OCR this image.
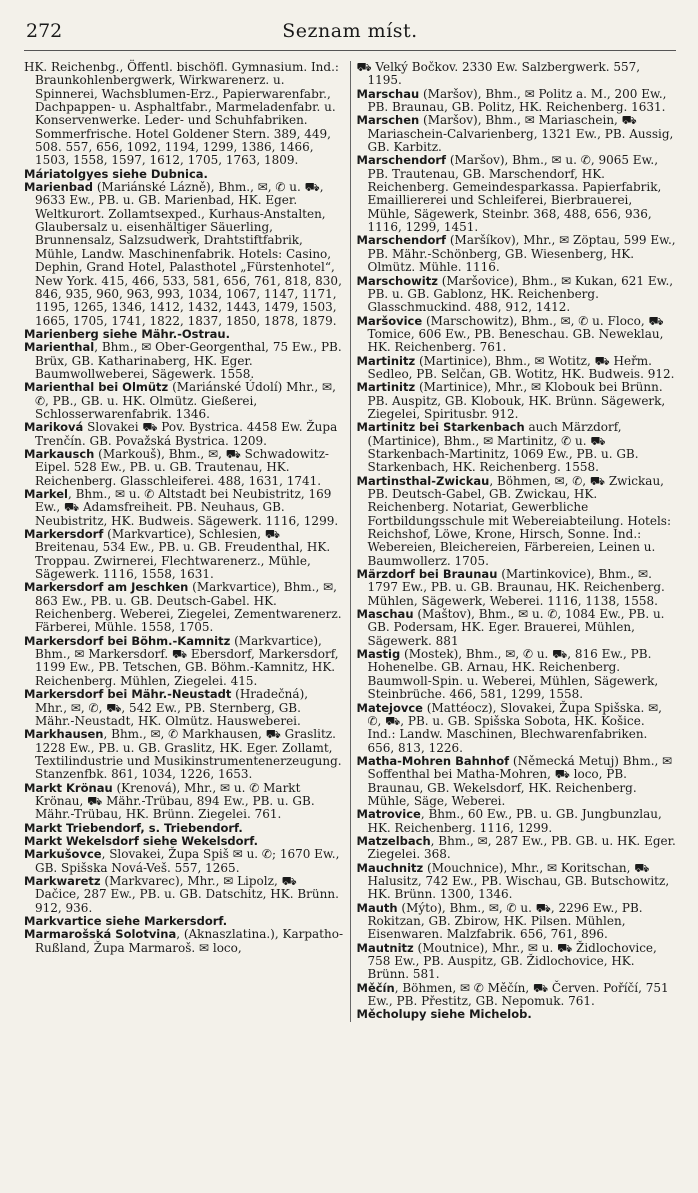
272	Seznam míst.
HK. Reichenbg., Öffentl. bischöfl. Gymnasium. Ind.: Braunkohlenbergwerk, Wirkwarenerz. u. Spinnerei, Wachsblumen-Erz., Papierwarenfabr., Dachpappen- u. Asphaltfabr., Marmeladenfabr. u. Konservenwerke. Leder- und Schuhfabriken. Sommerfrische. Hotel Goldener Stern. 389, 449, 508. 557, 656, 1092, 1194, 1299, 1386, 1466, 1503, 1558, 1597, 1612, 1705, 1763, 1809.
Máriatolgyes siehe Dubnica.
Marienbad (Mariánské Lázně), Bhm., ✉, ✆ u. ⛟, 9633 Ew., PB. u. GB. Marienbad, HK. Eger. Weltkurort. Zollamtsexped., Kurhaus-Anstalten, Glaubersalz u. eisenhältiger Säuerling, Brunnensalz, Salzsudwerk, Drahtstiftfabrik, Mühle, Landw. Maschinenfabrik. Hotels: Casino, Dephin, Grand Hotel, Palasthotel „Fürstenhotel“, New York. 415, 466, 533, 581, 656, 761, 818, 830, 846, 935, 960, 963, 993, 1034, 1067, 1147, 1171, 1195, 1265, 1346, 1412, 1432, 1443, 1479, 1503, 1665, 1705, 1741, 1822, 1837, 1850, 1878, 1879.
Marienberg siehe Mähr.-Ostrau.
Marienthal, Bhm., ✉ Ober-Georgenthal, 75 Ew., PB. Brüx, GB. Katharinaberg, HK. Eger. Baumwollweberei, Sägewerk. 1558.
Marienthal bei Olmütz (Mariánské Údolí) Mhr., ✉, ✆, PB., GB. u. HK. Olmütz. Gießerei, Schlosserwarenfabrik. 1346.
Mariková Slovakei ⛟ Pov. Bystrica. 4458 Ew. Župa Trenčín. GB. Považská Bystrica. 1209.
Markausch (Markouš), Bhm., ✉, ⛟ Schwadowitz-Eipel. 528 Ew., PB. u. GB. Trautenau, HK. Reichenberg. Glasschleiferei. 488, 1631, 1741.
Markel, Bhm., ✉ u. ✆ Altstadt bei Neubistritz, 169 Ew., ⛟ Adamsfreiheit. PB. Neuhaus, GB. Neubistritz, HK. Budweis. Sägewerk. 1116, 1299.
Markersdorf (Markvartice), Schlesien, ⛟ Breitenau, 534 Ew., PB. u. GB. Freudenthal, HK. Troppau. Zwirnerei, Flechtwarenerz., Mühle, Sägewerk. 1116, 1558, 1631.
Markersdorf am Jeschken (Markvartice), Bhm., ✉, 863 Ew., PB. u. GB. Deutsch-Gabel. HK. Reichenberg. Weberei, Ziegelei, Zementwarenerz. Färberei, Mühle. 1558, 1705.
Markersdorf bei Böhm.-Kamnitz (Markvartice), Bhm., ✉ Markersdorf. ⛟ Ebersdorf, Markersdorf, 1199 Ew., PB. Tetschen, GB. Böhm.-Kamnitz, HK. Reichenberg. Mühlen, Ziegelei. 415.
Markersdorf bei Mähr.-Neustadt (Hradečná), Mhr., ✉, ✆, ⛟, 542 Ew., PB. Sternberg, GB. Mähr.-Neustadt, HK. Olmütz. Hausweberei.
Markhausen, Bhm., ✉, ✆ Markhausen, ⛟ Graslitz. 1228 Ew., PB. u. GB. Graslitz, HK. Eger. Zollamt, Textilindustrie und Musikinstrumentenerzeugung. Stanzenfbk. 861, 1034, 1226, 1653.
Markt Krönau (Krenová), Mhr., ✉ u. ✆ Markt Krönau, ⛟ Mähr.-Trübau, 894 Ew., PB. u. GB. Mähr.-Trübau, HK. Brünn. Ziegelei. 761.
Markt Triebendorf, s. Triebendorf.
Markt Wekelsdorf siehe Wekelsdorf.
Markušovce, Slovakei, Župa Spiš ✉ u. ✆; 1670 Ew., GB. Spišska Nová-Veš. 557, 1265.
Markwaretz (Markvarec), Mhr., ✉ Lipolz, ⛟ Dačice, 287 Ew., PB. u. GB. Datschitz, HK. Brünn. 912, 936.
Markvartice siehe Markersdorf.
Marmarošská Solotvina, (Aknaszlatina.), Karpatho-Rußland, Župa Marmaroš. ✉ loco,
⛟ Velký Bočkov. 2330 Ew. Salzbergwerk. 557, 1195.
Marschau (Maršov), Bhm., ✉ Politz a. M., 200 Ew., PB. Braunau, GB. Politz, HK. Reichenberg. 1631.
Marschen (Maršov), Bhm., ✉ Mariaschein, ⛟ Mariaschein-Calvarienberg, 1321 Ew., PB. Aussig, GB. Karbitz.
Marschendorf (Maršov), Bhm., ✉ u. ✆, 9065 Ew., PB. Trautenau, GB. Marschendorf, HK. Reichenberg. Gemeindesparkassa. Papierfabrik, Emailliererei und Schleiferei, Bierbrauerei, Mühle, Sägewerk, Steinbr. 368, 488, 656, 936, 1116, 1299, 1451.
Marschendorf (Maršíkov), Mhr., ✉ Zöptau, 599 Ew., PB. Mähr.-Schönberg, GB. Wiesenberg, HK. Olmütz. Mühle. 1116.
Marschowitz (Maršovice), Bhm., ✉ Kukan, 621 Ew., PB. u. GB. Gablonz, HK. Reichenberg. Glasschmuckind. 488, 912, 1412.
Maršovice (Marschowitz), Bhm., ✉, ✆ u. Floco, ⛟ Tomice, 606 Ew., PB. Beneschau. GB. Neweklau, HK. Reichenberg. 761.
Martinitz (Martinice), Bhm., ✉ Wotitz, ⛟ Heřm. Sedleo, PB. Selčan, GB. Wotitz, HK. Budweis. 912.
Martinitz (Martinice), Mhr., ✉ Klobouk bei Brünn. PB. Auspitz, GB. Klobouk, HK. Brünn. Sägewerk, Ziegelei, Spiritusbr. 912.
Martinitz bei Starkenbach auch Märzdorf, (Martinice), Bhm., ✉ Martinitz, ✆ u. ⛟ Starkenbach-Martinitz, 1069 Ew., PB. u. GB. Starkenbach, HK. Reichenberg. 1558.
Martinsthal-Zwickau, Böhmen, ✉, ✆, ⛟ Zwickau, PB. Deutsch-Gabel, GB. Zwickau, HK. Reichenberg. Notariat, Gewerbliche Fortbildungsschule mit Webereiabteilung. Hotels: Reichshof, Löwe, Krone, Hirsch, Sonne. Ind.: Webereien, Bleichereien, Färbereien, Leinen u. Baumwollerz. 1705.
Märzdorf bei Braunau (Martinkovice), Bhm., ✉. 1797 Ew., PB. u. GB. Braunau, HK. Reichenberg. Mühlen, Sägewerk, Weberei. 1116, 1138, 1558.
Maschau (Maštov), Bhm., ✉ u. ✆, 1084 Ew., PB. u. GB. Podersam, HK. Eger. Brauerei, Mühlen, Sägewerk. 881
Mastig (Mostek), Bhm., ✉, ✆ u. ⛟, 816 Ew., PB. Hohenelbe. GB. Arnau, HK. Reichenberg. Baumwoll-Spin. u. Weberei, Mühlen, Sägewerk, Steinbrüche. 466, 581, 1299, 1558.
Matejovce (Mattéocz), Slovakei, Župa Spišska. ✉, ✆, ⛟, PB. u. GB. Spišska Sobota, HK. Košice. Ind.: Landw. Maschinen, Blechwarenfabriken. 656, 813, 1226.
Matha-Mohren Bahnhof (Německá Metuj) Bhm., ✉ Soffenthal bei Matha-Mohren, ⛟ loco, PB. Braunau, GB. Wekelsdorf, HK. Reichenberg. Mühle, Säge, Weberei.
Matrovice, Bhm., 60 Ew., PB. u. GB. Jungbunzlau, HK. Reichenberg. 1116, 1299.
Matzelbach, Bhm., ✉, 287 Ew., PB. GB. u. HK. Eger. Ziegelei. 368.
Mauchnitz (Mouchnice), Mhr., ✉ Koritschan, ⛟ Halusitz, 742 Ew., PB. Wischau, GB. Butschowitz, HK. Brünn. 1300, 1346.
Mauth (Mýto), Bhm., ✉, ✆ u. ⛟, 2296 Ew., PB. Rokitzan, GB. Zbirow, HK. Pilsen. Mühlen, Eisenwaren. Malzfabrik. 656, 761, 896.
Mautnitz (Moutnice), Mhr., ✉ u. ⛟ Židlochovice, 758 Ew., PB. Auspitz, GB. Židlochovice, HK. Brünn. 581.
Měčín, Böhmen, ✉ ✆ Měčín, ⛟ Červen. Poříčí, 751 Ew., PB. Přestitz, GB. Nepomuk. 761.
Měcholupy siehe Michelob.
